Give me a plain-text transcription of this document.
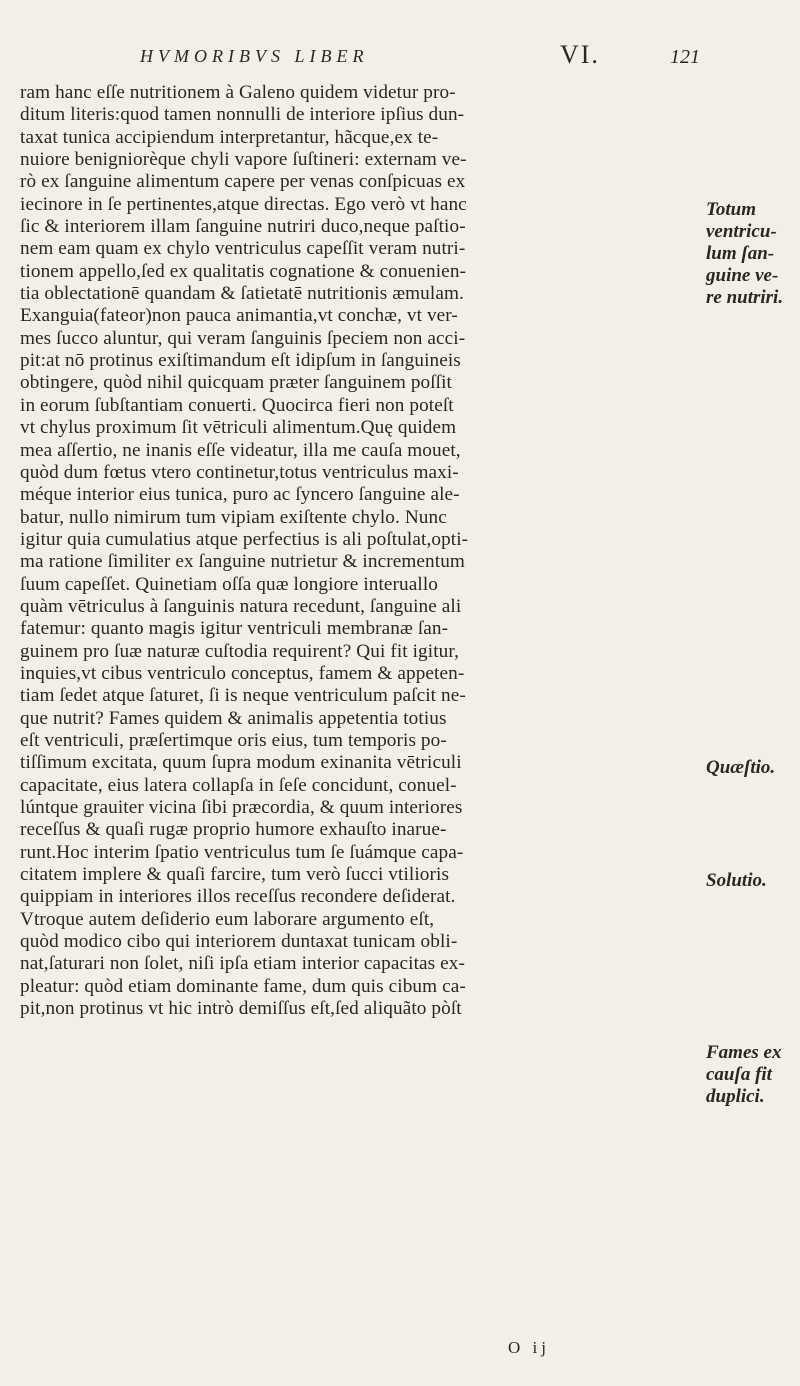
HVMORIBVS LIBER	VI.	121
ram hanc eſſe nutritionem à Galeno quidem videtur pro-
ditum literis:quod tamen nonnulli de interiore ipſius dun-
taxat tunica accipiendum interpretantur, hãcque,ex te-
nuiore benigniorèque chyli vapore ſuſtineri: externam ve-
rò ex ſanguine alimentum capere per venas conſpicuas ex
iecinore in ſe pertinentes,atque directas. Ego verò vt hanc
ſic & interiorem illam ſanguine nutriri duco,neque paſtio-
nem eam quam ex chylo ventriculus capeſſit veram nutri-
tionem appello,ſed ex qualitatis cognatione & conuenien-
tia oblectationē quandam & ſatietatē nutritionis æmulam.
Exanguia(fateor)non pauca animantia,vt conchæ, vt ver-
mes ſucco aluntur, qui veram ſanguinis ſpeciem non acci-
pit:at nō protinus exiſtimandum eſt idipſum in ſanguineis
obtingere, quòd nihil quicquam præter ſanguinem poſſit
in eorum ſubſtantiam conuerti. Quocirca fieri non poteſt
vt chylus proximum ſit vētriculi alimentum.Quę quidem
mea aſſertio, ne inanis eſſe videatur, illa me cauſa mouet,
quòd dum fœtus vtero continetur,totus ventriculus maxi-
méque interior eius tunica, puro ac ſyncero ſanguine ale-
batur, nullo nimirum tum vipiam exiſtente chylo. Nunc
igitur quia cumulatius atque perfectius is ali poſtulat,opti-
ma ratione ſimiliter ex ſanguine nutrietur & incrementum
ſuum capeſſet. Quinetiam oſſa quæ longiore interuallo
quàm vētriculus à ſanguinis natura recedunt, ſanguine ali
fatemur: quanto magis igitur ventriculi membranæ ſan-
guinem pro ſuæ naturæ cuſtodia requirent? Qui fit igitur,
inquies,vt cibus ventriculo conceptus, famem & appeten-
tiam ſedet atque ſaturet, ſi is neque ventriculum paſcit ne-
que nutrit? Fames quidem & animalis appetentia totius
eſt ventriculi, præſertimque oris eius, tum temporis po-
tiſſimum excitata, quum ſupra modum exinanita vētriculi
capacitate, eius latera collapſa in ſeſe concidunt, conuel-
lúntque grauiter vicina ſibi præcordia, & quum interiores
receſſus & quaſi rugæ proprio humore exhauſto inarue-
runt.Hoc interim ſpatio ventriculus tum ſe ſuámque capa-
citatem implere & quaſi farcire, tum verò ſucci vtilioris
quippiam in interiores illos receſſus recondere deſiderat.
Vtroque autem deſiderio eum laborare argumento eſt,
quòd modico cibo qui interiorem duntaxat tunicam obli-
nat,ſaturari non ſolet, niſi ipſa etiam interior capacitas ex-
pleatur: quòd etiam dominante fame, dum quis cibum ca-
pit,non protinus vt hic intrò demiſſus eſt,ſed aliquãto pòſt
Totum
ventricu-
lum ſan-
guine ve-
re nutriri.
Quæſtio.
Solutio.
Fames ex
cauſa fit
duplici.
O ij
